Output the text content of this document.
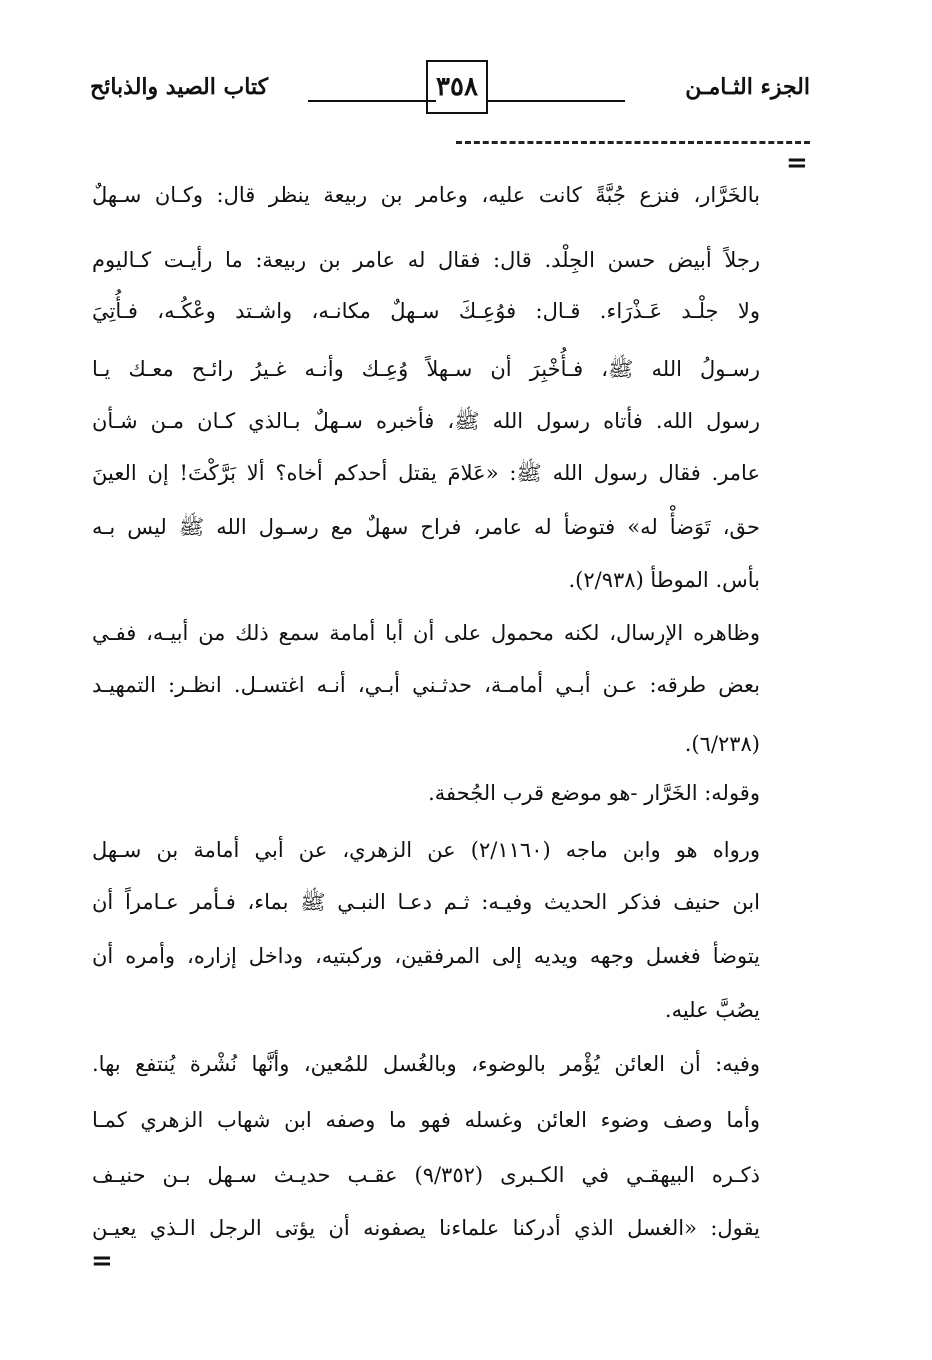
الجزء الثـامـن
٣٥٨
كتاب الصيد والذبائح
=
بالخَرَّار، فنزع جُبَّةً كانت عليه، وعامر بن ربيعة ينظر قال: وكـان سـهلٌ
رجلاً أبيض حسن الجِلْد. قال: فقال له عامر بن ربيعة: ما رأيـت كـاليوم
ولا جلْـد عَـذْرَاء. قـال: فوُعِـكَ سـهلٌ مكانـه، واشـتد وعْكُـه، فـأُتِيَ
رسـولُ الله ﷺ، فـأُخْبِرَ أن سـهلاً وُعِـك وأنـه غـيرُ رائـح معـك يـا
رسول الله. فأتاه رسول الله ﷺ، فأخبره سـهلٌ بـالذي كـان مـن شـأن
عامر. فقال رسول الله ﷺ: «عَلامَ يقتل أحدكم أخاه؟ ألا بَرَّكْتَ! إن العينَ
حق، تَوَضأْ له» فتوضأ له عامر، فراح سهلٌ مع رسـول الله ﷺ ليس بـه
بأس. الموطأ (٢/٩٣٨).
وظاهره الإرسال، لكنه محمول على أن أبا أمامة سمع ذلك من أبيـه، ففـي
بعض طرقه: عـن أبـي أمامـة، حدثـني أبـي، أنـه اغتسـل. انظـر: التمهيـد
(٦/٢٣٨).
وقوله: الخَرَّار -هو موضع قرب الجُحفة.
ورواه هو وابن ماجه (٢/١١٦٠) عن الزهري، عن أبي أمامة بن سـهل
ابن حنيف فذكر الحديث وفيـه: ثـم دعـا النبـي ﷺ بماء، فـأمر عـامراً أن
يتوضأ فغسل وجهه ويديه إلى المرفقين، وركبتيه، وداخل إزاره، وأمره أن
يصُبَّ عليه.
وفيه: أن العائن يُؤْمر بالوضوء، وبالغُسل للمُعين، وأنَّها نُشْرة يُنتفع بها.
وأما وصف وضوء العائن وغسله فهو ما وصفه ابن شهاب الزهري كمـا
ذكـره البيهقـي في الكـبرى (٩/٣٥٢) عقـب حديـث سـهل بـن حنيـف
يقول: «الغسل الذي أدركنا علماءنا يصفونه أن يؤتى الرجل الـذي يعيـن
=
